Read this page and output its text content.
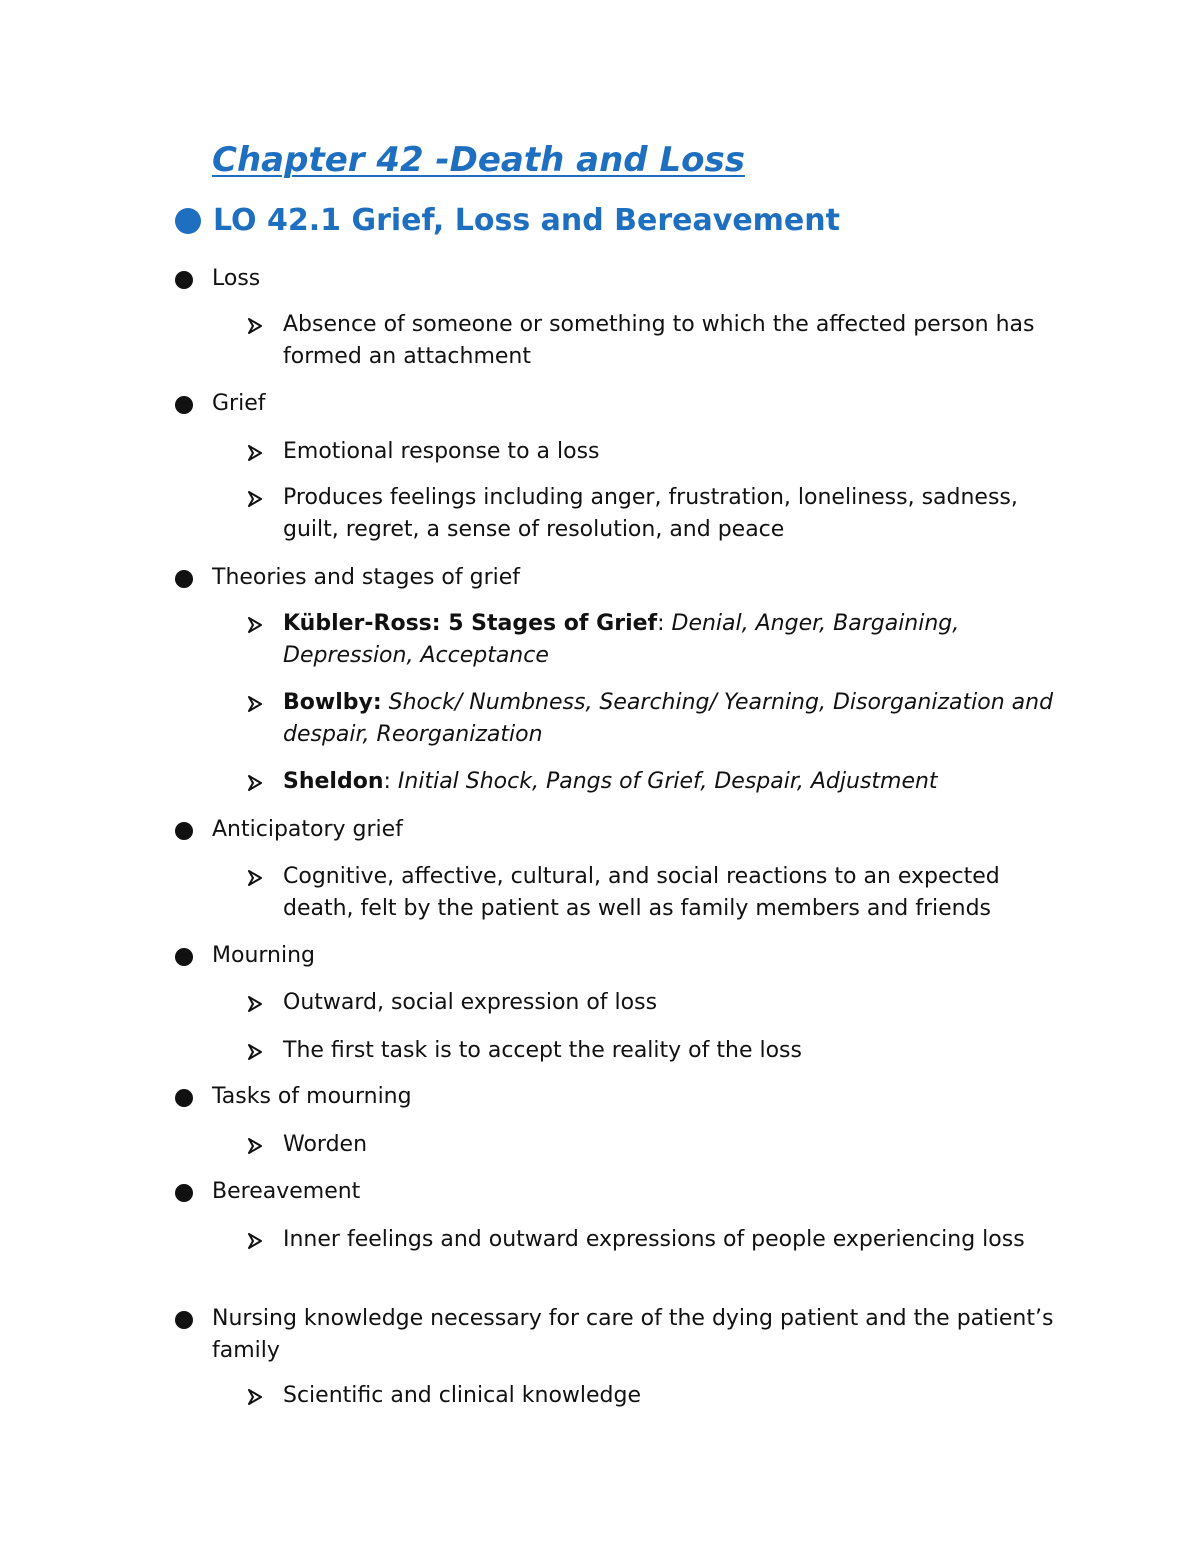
Chapter 42 -Death and Loss
LO 42.1 Grief, Loss and Bereavement
Loss
Absence of someone or something to which the affected person has formed an attachment
Grief
Emotional response to a loss
Produces feelings including anger, frustration, loneliness, sadness, guilt, regret, a sense of resolution, and peace
Theories and stages of grief
Kübler-Ross: 5 Stages of Grief: Denial, Anger, Bargaining, Depression, Acceptance
Bowlby: Shock/ Numbness, Searching/ Yearning, Disorganization and despair, Reorganization
Sheldon: Initial Shock, Pangs of Grief, Despair, Adjustment
Anticipatory grief
Cognitive, affective, cultural, and social reactions to an expected death, felt by the patient as well as family members and friends
Mourning
Outward, social expression of loss
The first task is to accept the reality of the loss
Tasks of mourning
Worden
Bereavement
Inner feelings and outward expressions of people experiencing loss
Nursing knowledge necessary for care of the dying patient and the patient’s family
Scientific and clinical knowledge
